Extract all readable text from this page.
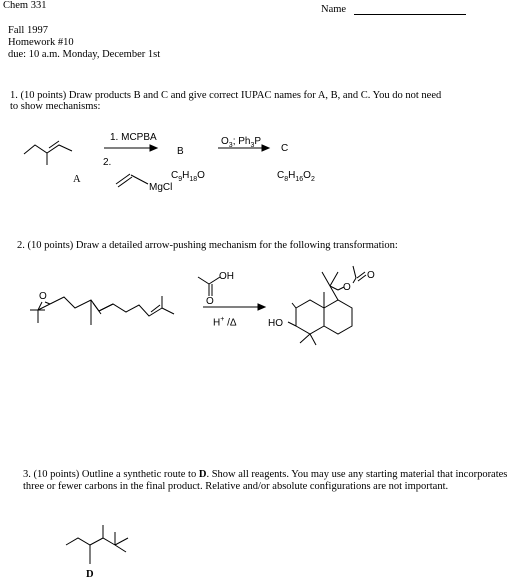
Chem 331	Name
Fall 1997
Homework #10
due: 10 a.m. Monday, December 1st
1. (10 points) Draw products B and C and give correct IUPAC names for A, B, and C. You do not need
to show mechanisms:
1. MCPBA
2.
MgCl
A
B
$C_9H_{18}O$
$O_3$; $Ph_3P$
C
$C_8H_{16}O_2$
2. (10 points) Draw a detailed arrow-pushing mechanism for the following transformation:
O
OH
O
H+ /Δ	HO
O
O
3. (10 points) Outline a synthetic route to D. Show all reagents. You may use any starting material that incorporates three or fewer carbons in the final product. Relative and/or absolute configurations are not important.
D
